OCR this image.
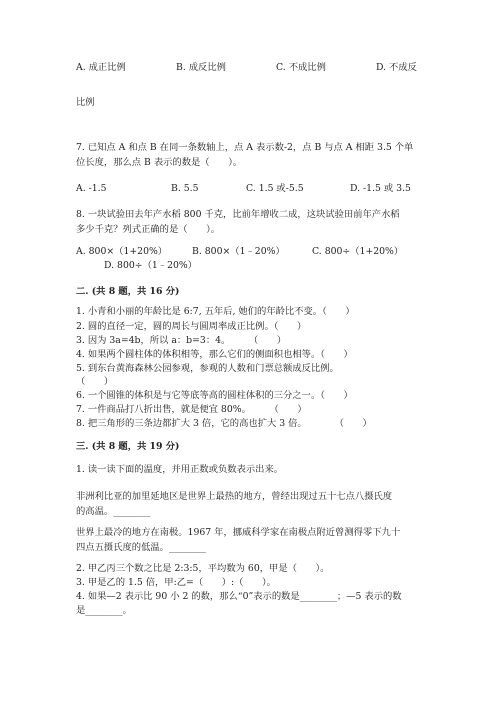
A. 成正比例	B. 成反比例	C. 不成比例	D. 不成反
比例
7. 已知点 A 和点 B 在同一条数轴上，点 A 表示数-2，点 B 与点 A 相距 3.5 个单
位长度，那么点 B 表示的数是（　　）。
A. -1.5	B. 5.5	C. 1.5 或-5.5	D. -1.5 或 3.5
8. 一块试验田去年产水稻 800 千克，比前年增收二成，这块试验田前年产水稻
多少千克？列式正确的是（　　）。
A. 800×（1+20%）	B. 800×（1﹣20%）	C. 800÷（1+20%）
D. 800÷（1﹣20%）
二. (共 8 题，共 16 分)
1. 小青和小丽的年龄比是 6:7, 五年后, 她们的年龄比不变。（　　）
2. 圆的直径一定，圆的周长与圆周率成正比例。（　　）
3. 因为 3a=4b，所以 a：b=3：4。　　　（　　）
4. 如果两个圆柱体的体积相等，那么它们的侧面积也相等。（　　）
5. 到东台黄海森林公园参观，参观的人数和门票总额成反比例。
（　　）
6. 一个圆锥的体积是与它等底等高的圆柱体积的三分之一。（　　）
7. 一件商品打八折出售，就是便宜 80%。　　　（　　）
8. 把三角形的三条边都扩大 3 倍，它的高也扩大 3 倍。　　　　（　　）
三. (共 8 题，共 19 分)
1. 读一读下面的温度，并用正数或负数表示出来。
非洲利比亚的加里延地区是世界上最热的地方，曾经出现过五十七点八摄氏度
的高温。________
世界上最冷的地方在南极。1967 年，挪威科学家在南极点附近曾测得零下九十
四点五摄氏度的低温。________
2. 甲乙丙三个数之比是 2:3:5，平均数为 60，甲是（　　）。
3. 甲是乙的 1.5 倍，甲:乙=（　　）:（　　）。
4. 如果—2 表示比 90 小 2 的数，那么“0”表示的数是________；—5 表示的数
是________。
